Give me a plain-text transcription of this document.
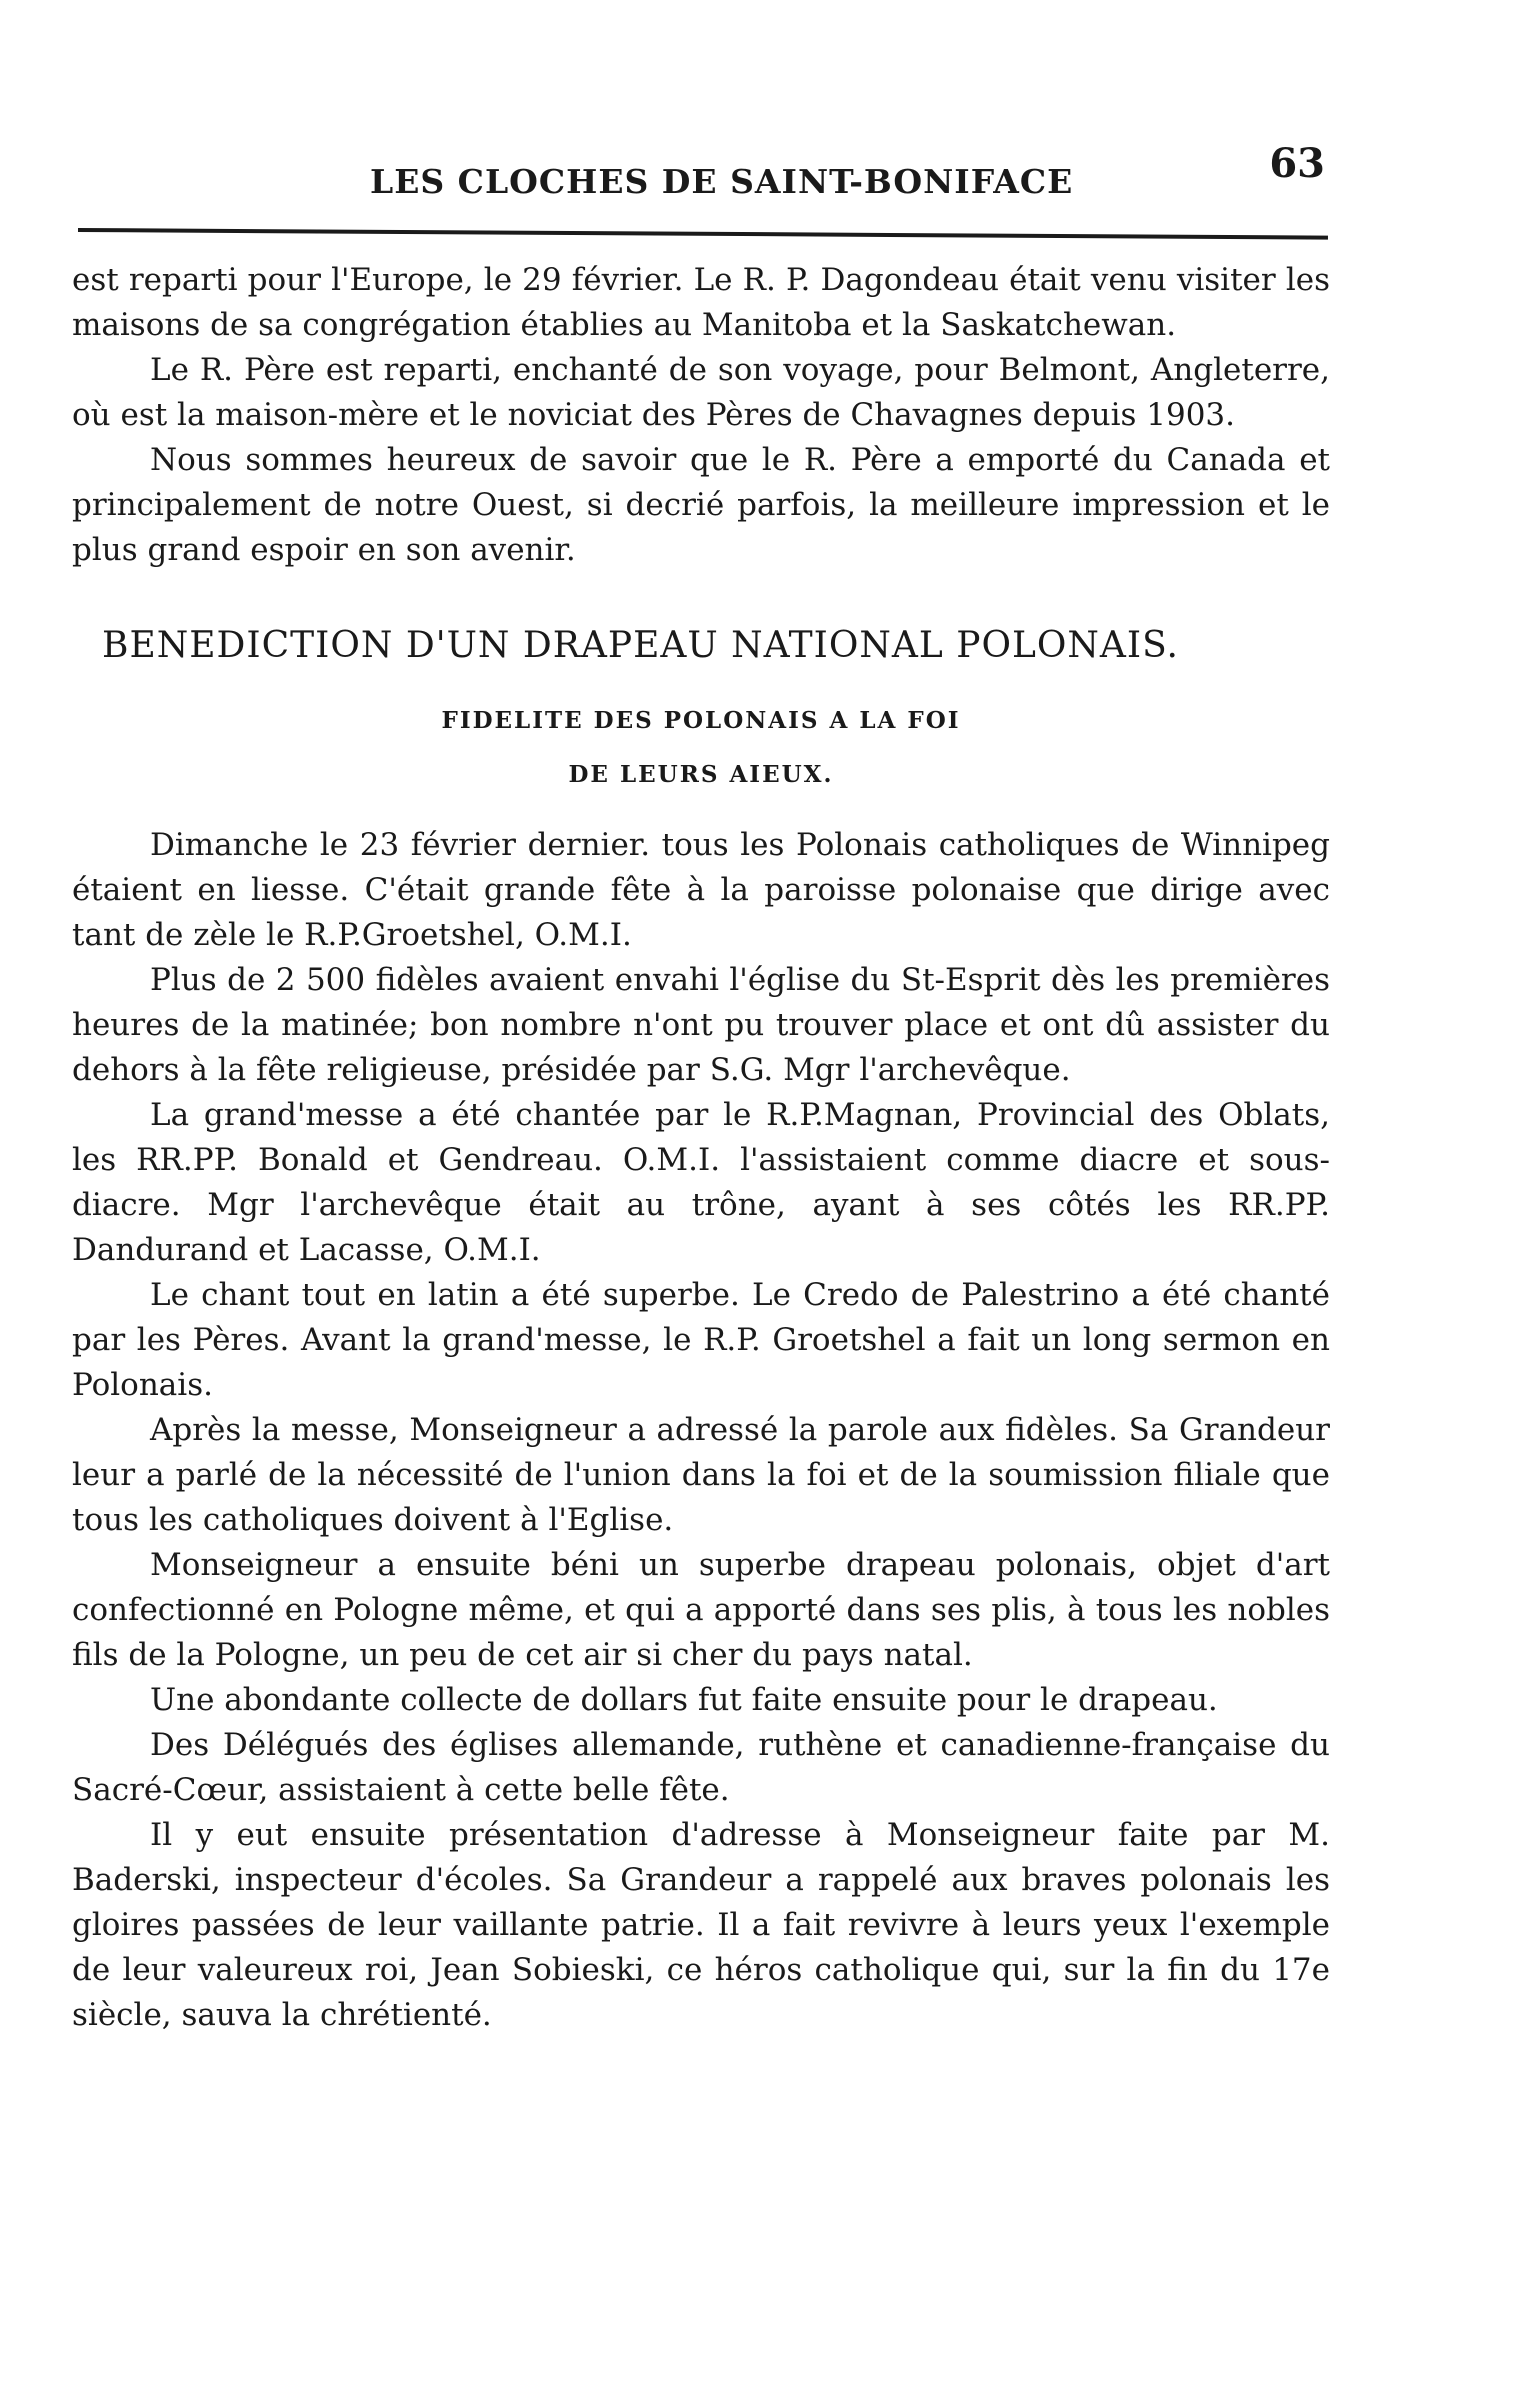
LES CLOCHES DE SAINT-BONIFACE	63

est reparti pour l'Europe, le 29 février. Le R. P. Dagondeau était venu visiter les maisons de sa congrégation établies au Manitoba et la Saskatchewan.

Le R. Père est reparti, enchanté de son voyage, pour Belmont, Angleterre, où est la maison-mère et le noviciat des Pères de Chavagnes depuis 1903.

Nous sommes heureux de savoir que le R. Père a emporté du Canada et principalement de notre Ouest, si decrié parfois, la meilleure impression et le plus grand espoir en son avenir.

BENEDICTION D'UN DRAPEAU NATIONAL POLONAIS.
FIDELITE DES POLONAIS A LA FOI
DE LEURS AIEUX.

Dimanche le 23 février dernier. tous les Polonais catholiques de Winnipeg étaient en liesse. C'était grande fête à la paroisse polonaise que dirige avec tant de zèle le R.P.Groetshel, O.M.I.

Plus de 2 500 fidèles avaient envahi l'église du St-Esprit dès les premières heures de la matinée; bon nombre n'ont pu trouver place et ont dû assister du dehors à la fête religieuse, présidée par S.G. Mgr l'archevêque.

La grand'messe a été chantée par le R.P.Magnan, Provincial des Oblats, les RR.PP. Bonald et Gendreau. O.M.I. l'assistaient comme diacre et sous-diacre. Mgr l'archevêque était au trône, ayant à ses côtés les RR.PP. Dandurand et Lacasse, O.M.I.

Le chant tout en latin a été superbe. Le Credo de Palestrino a été chanté par les Pères. Avant la grand'messe, le R.P. Groetshel a fait un long sermon en Polonais.

Après la messe, Monseigneur a adressé la parole aux fidèles. Sa Grandeur leur a parlé de la nécessité de l'union dans la foi et de la soumission filiale que tous les catholiques doivent à l'Eglise.

Monseigneur a ensuite béni un superbe drapeau polonais, objet d'art confectionné en Pologne même, et qui a apporté dans ses plis, à tous les nobles fils de la Pologne, un peu de cet air si cher du pays natal.

Une abondante collecte de dollars fut faite ensuite pour le drapeau.

Des Délégués des églises allemande, ruthène et canadienne-française du Sacré-Cœur, assistaient à cette belle fête.

Il y eut ensuite présentation d'adresse à Monseigneur faite par M. Baderski, inspecteur d'écoles. Sa Grandeur a rappelé aux braves polonais les gloires passées de leur vaillante patrie. Il a fait revivre à leurs yeux l'exemple de leur valeureux roi, Jean Sobieski, ce héros catholique qui, sur la fin du 17e siècle, sauva la chrétienté.
